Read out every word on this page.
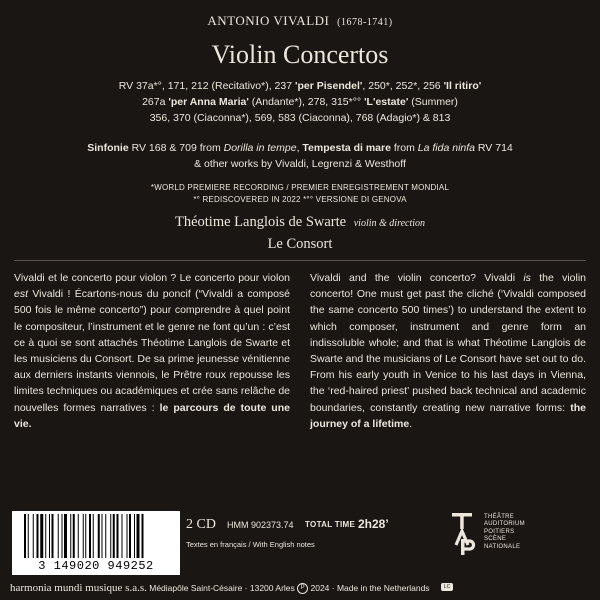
ANTONIO VIVALDI (1678-1741)
Violin Concertos
RV 37a*°, 171, 212 (Recitativo*), 237 'per Pisendel', 250*, 252*, 256 'Il ritiro'
267a 'per Anna Maria' (Andante*), 278, 315*°° 'L'estate' (Summer)
356, 370 (Ciaconna*), 569, 583 (Ciaconna), 768 (Adagio*) & 813
Sinfonie RV 168 & 709 from Dorilla in tempe, Tempesta di mare from La fida ninfa RV 714
& other works by Vivaldi, Legrenzi & Westhoff
*WORLD PREMIERE RECORDING / PREMIER ENREGISTREMENT MONDIAL
*° REDISCOVERED IN 2022 *°° VERSIONE DI GENOVA
Théotime Langlois de Swarte violin & direction
Le Consort
Vivaldi et le concerto pour violon ? Le concerto pour violon est Vivaldi ! Écartons-nous du poncif (“Vivaldi a composé 500 fois le même concerto”) pour comprendre à quel point le compositeur, l’instrument et le genre ne font qu’un : c’est ce à quoi se sont attachés Théotime Langlois de Swarte et les musiciens du Consort. De sa prime jeunesse vénitienne aux derniers instants viennois, le Prêtre roux repousse les limites techniques ou académiques et crée sans relâche de nouvelles formes narratives : le parcours de toute une vie.
Vivaldi and the violin concerto? Vivaldi is the violin concerto! One must get past the cliché (‘Vivaldi composed the same concerto 500 times’) to understand the extent to which composer, instrument and genre form an indissoluble whole; and that is what Théotime Langlois de Swarte and the musicians of Le Consort have set out to do. From his early youth in Venice to his last days in Vienna, the ‘red-haired priest’ pushed back technical and academic boundaries, constantly creating new narrative forms: the journey of a lifetime.
3 149020 949252
2 CD HMM 902373.74 TOTAL TIME 2h28’
Textes en français / With English notes
harmonia mundi musique s.a.s. Médiapôle Saint-Césaire · 13200 Arles P 2024 · Made in the Netherlands	LC 7045
THÉÂTRE
AUDITORIUM
POITIERS
SCÈNE
NATIONALE
